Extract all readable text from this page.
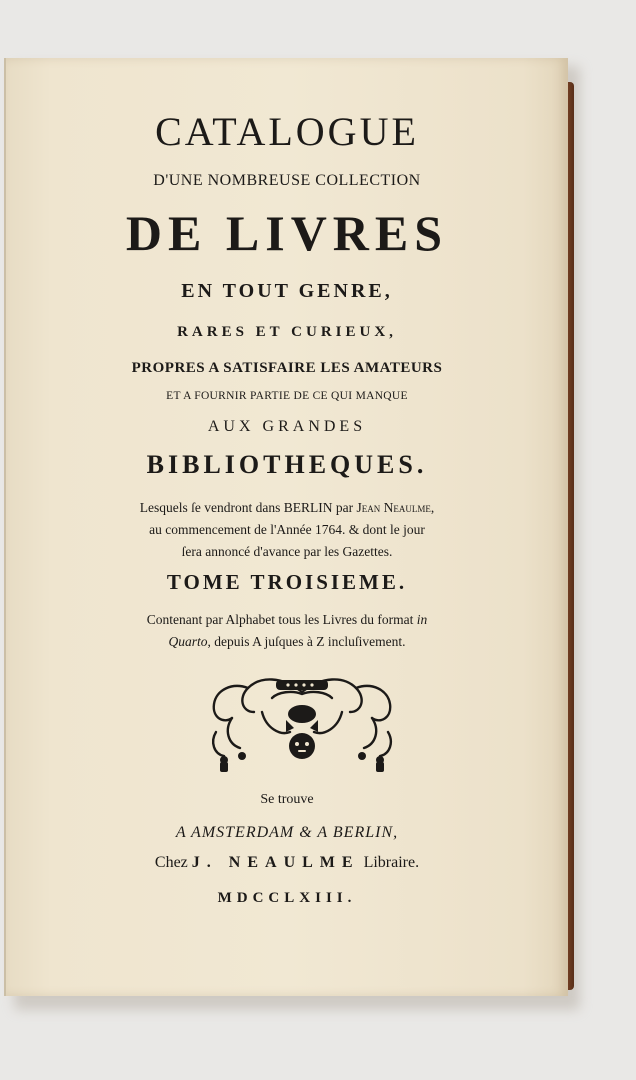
CATALOGUE
D'UNE NOMBREUSE COLLECTION
DE LIVRES
EN TOUT GENRE,
RARES ET CURIEUX,
PROPRES A SATISFAIRE LES AMATEURS
ET A FOURNIR PARTIE DE CE QUI MANQUE
AUX GRANDES
BIBLIOTHEQUES.
Lesquels ſe vendront dans BERLIN par Jean Neaulme,
au commencement de l'Année 1764. & dont le jour
ſera annoncé d'avance par les Gazettes.
TOME TROISIEME.
Contenant par Alphabet tous les Livres du format in
Quarto, depuis A juſques à Z incluſivement.
Se trouve
A AMSTERDAM & A BERLIN,
Chez J. NEAULME Libraire.
MDCCLXIII.
